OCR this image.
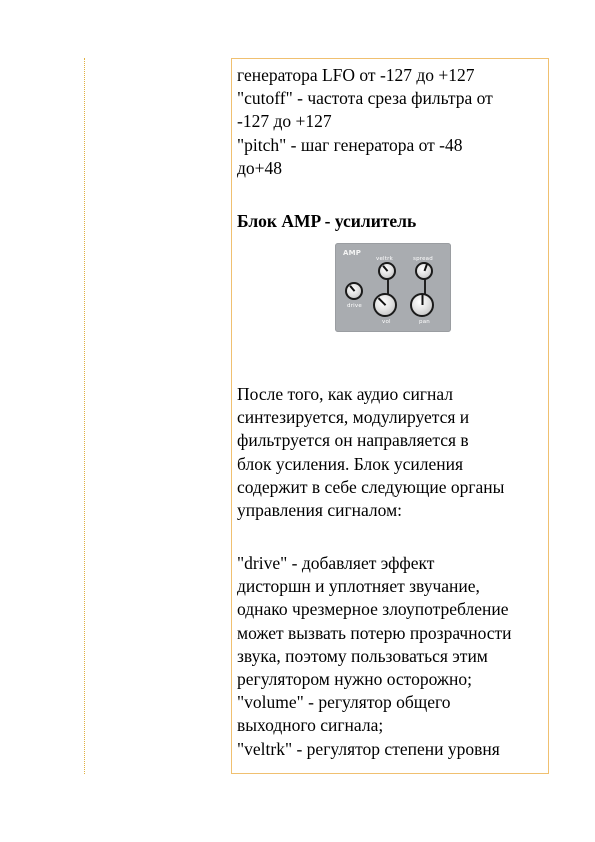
генератора LFO от -127 до +127
"cutoff" - частота среза фильтра от
-127 до +127
"pitch" - шаг генератора от -48
до+48
Блок AMP - усилитель
AMP
veltrk	spread
drive
vol	pan
После того, как аудио сигнал
синтезируется, модулируется и
фильтруется он направляется в
блок усиления. Блок усиления
содержит в себе следующие органы
управления сигналом:
"drive" - добавляет эффект
дисторшн и уплотняет звучание,
однако чрезмерное злоупотребление
может вызвать потерю прозрачности
звука, поэтому пользоваться этим
регулятором нужно осторожно;
"volume" - регулятор общего
выходного сигнала;
"veltrk" - регулятор степени уровня
